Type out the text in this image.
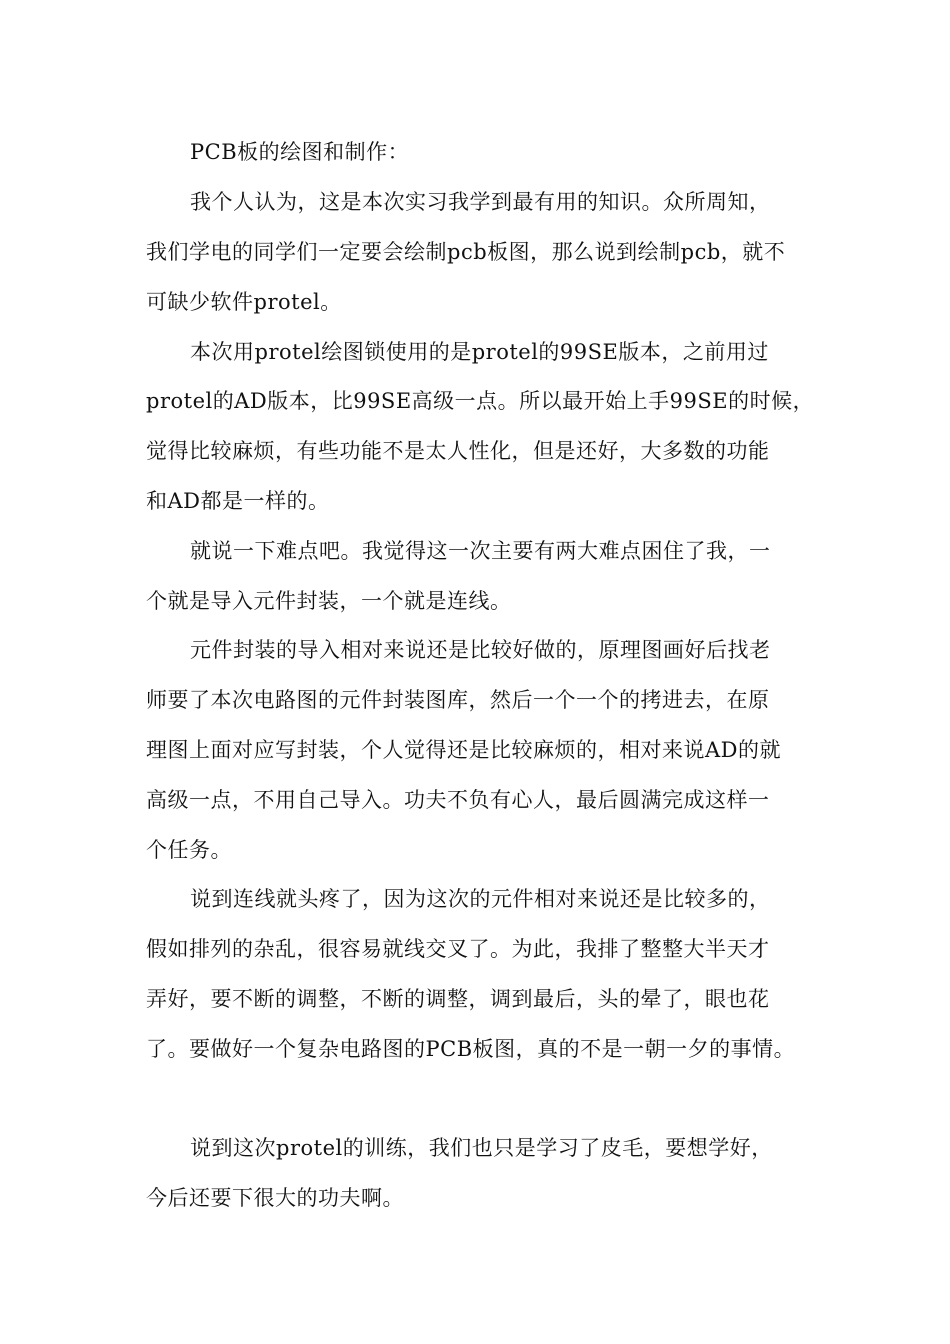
PCB板的绘图和制作：
我个人认为，这是本次实习我学到最有用的知识。众所周知，
我们学电的同学们一定要会绘制pcb板图，那么说到绘制pcb，就不
可缺少软件protel。
本次用protel绘图锁使用的是protel的99SE版本，之前用过
protel的AD版本，比99SE高级一点。所以最开始上手99SE的时候，
觉得比较麻烦，有些功能不是太人性化，但是还好，大多数的功能
和AD都是一样的。
就说一下难点吧。我觉得这一次主要有两大难点困住了我，一
个就是导入元件封装，一个就是连线。
元件封装的导入相对来说还是比较好做的，原理图画好后找老
师要了本次电路图的元件封装图库，然后一个一个的拷进去，在原
理图上面对应写封装，个人觉得还是比较麻烦的，相对来说AD的就
高级一点，不用自己导入。功夫不负有心人，最后圆满完成这样一
个任务。
说到连线就头疼了，因为这次的元件相对来说还是比较多的，
假如排列的杂乱，很容易就线交叉了。为此，我排了整整大半天才
弄好，要不断的调整，不断的调整，调到最后，头的晕了，眼也花
了。要做好一个复杂电路图的PCB板图，真的不是一朝一夕的事情。
说到这次protel的训练，我们也只是学习了皮毛，要想学好，
今后还要下很大的功夫啊。
